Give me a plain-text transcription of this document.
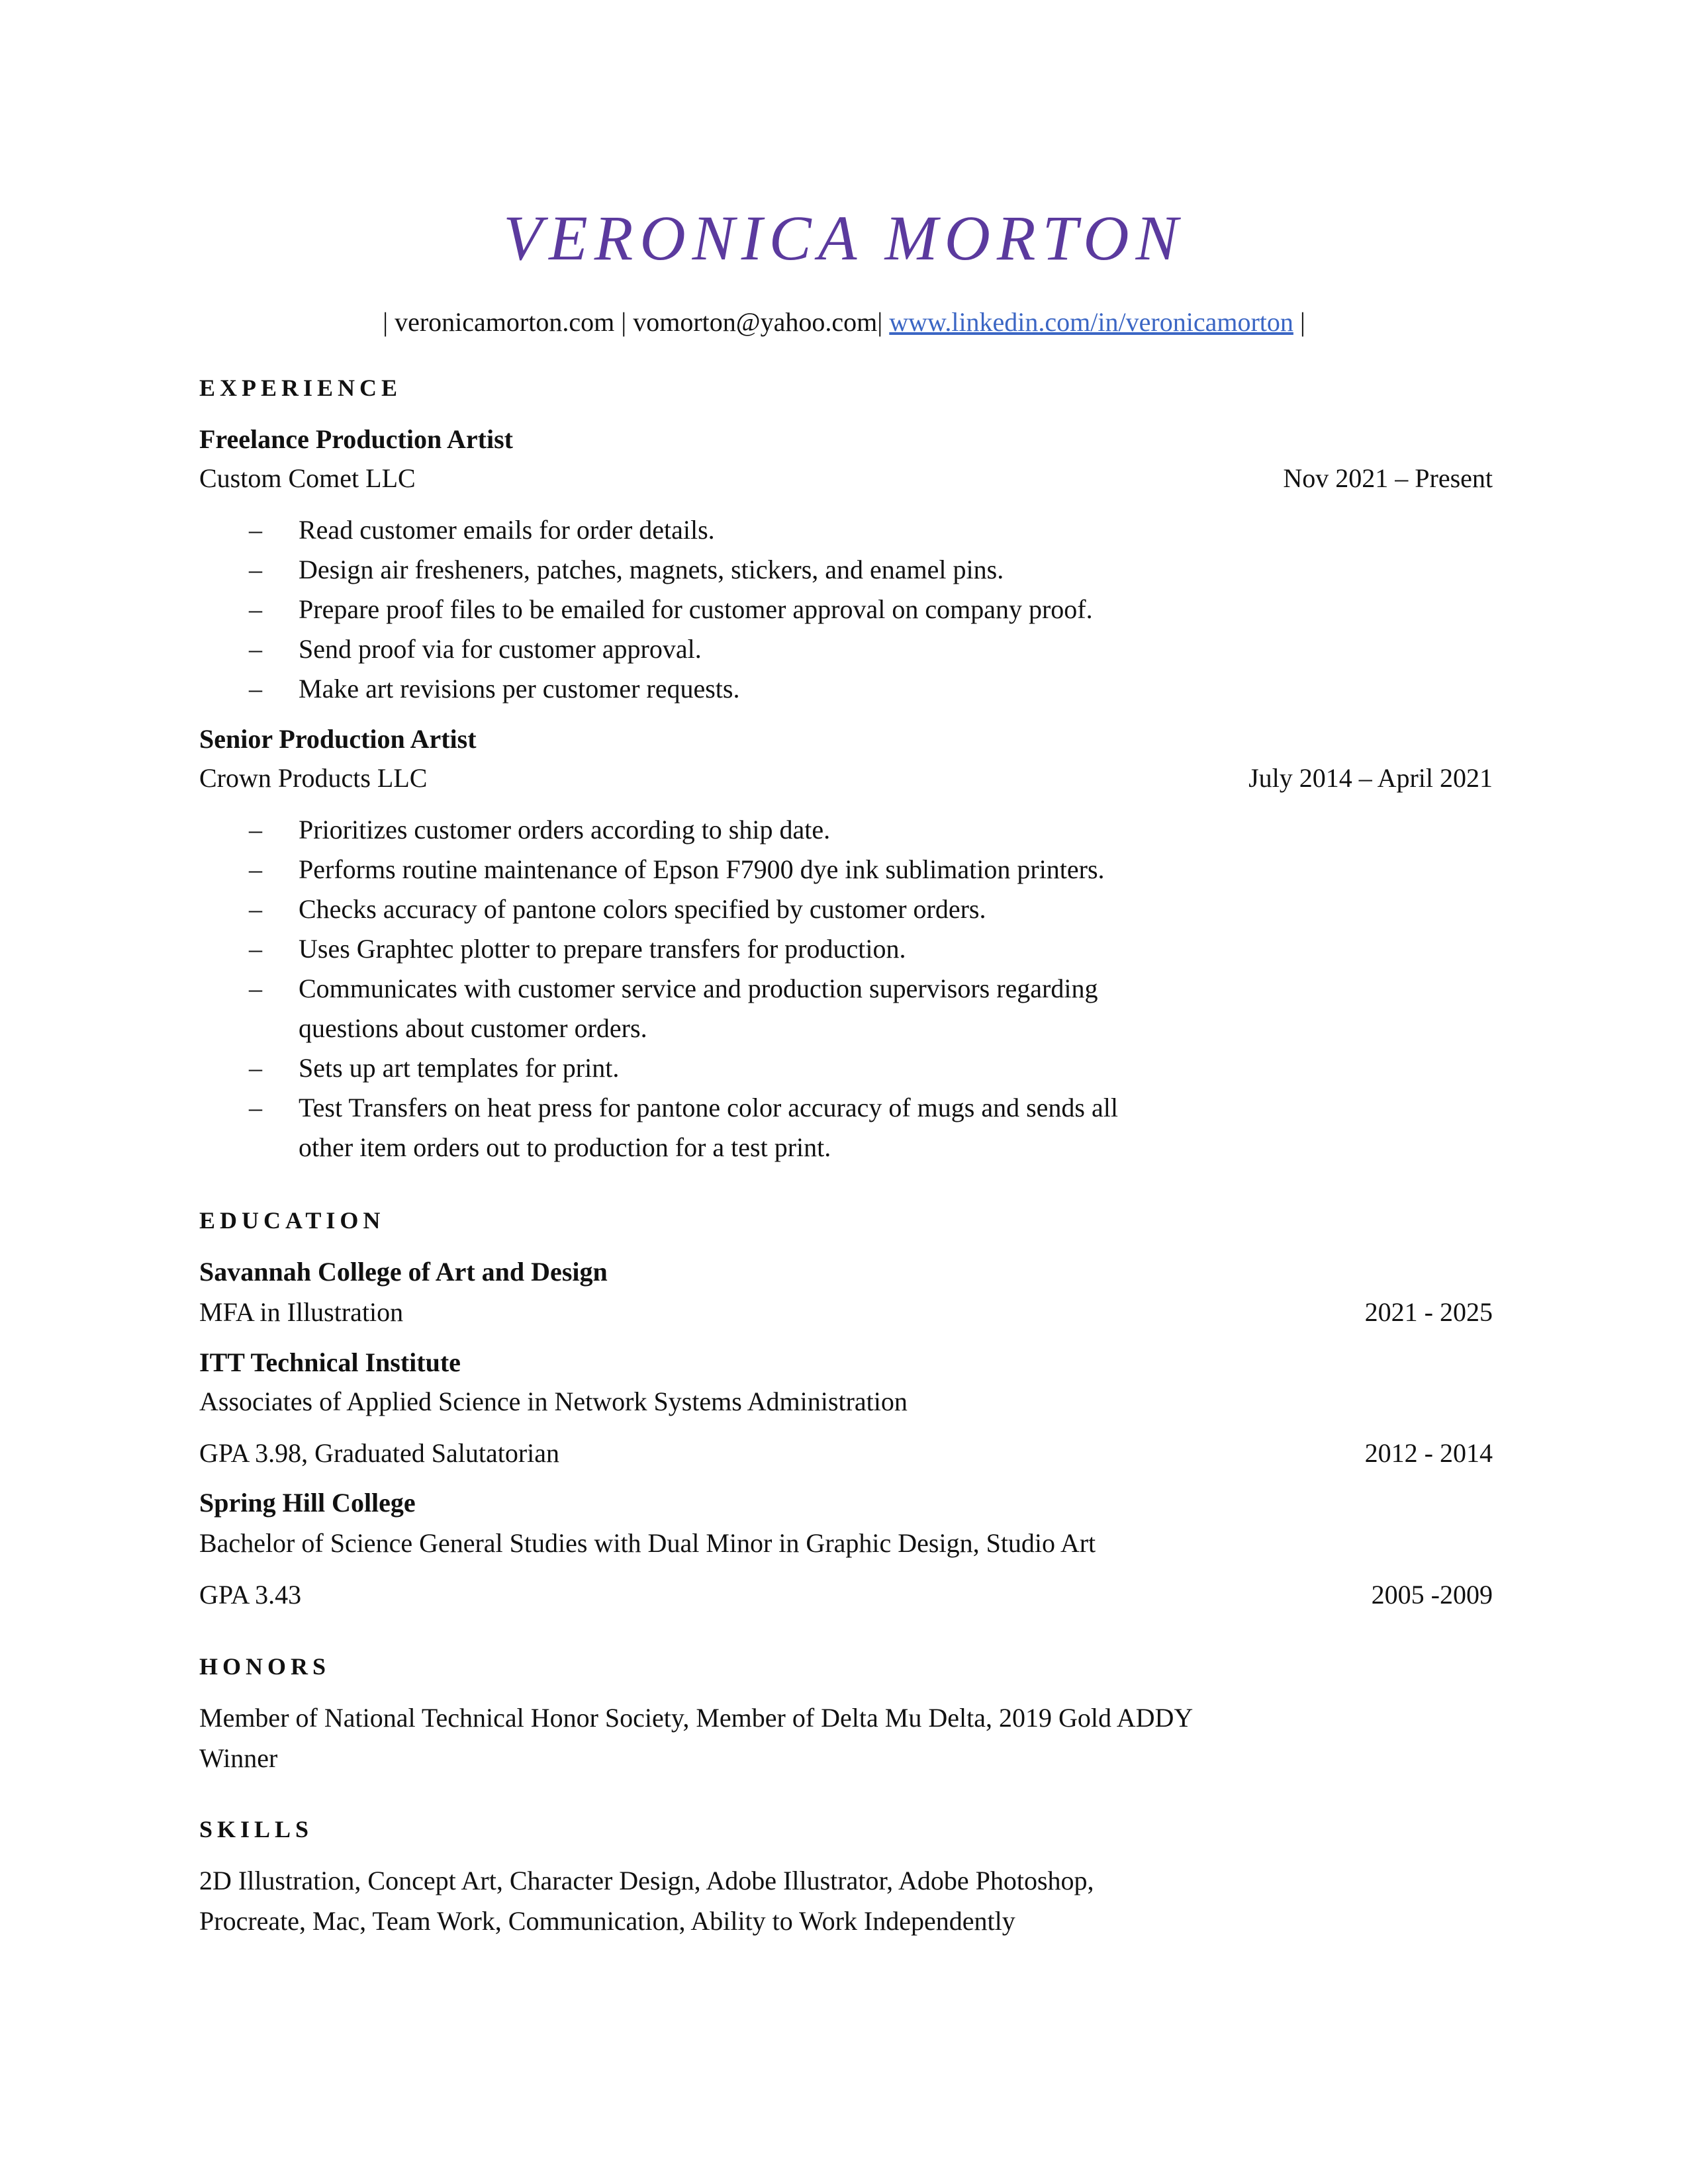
VERONICA MORTON
| veronicamorton.com | vomorton@yahoo.com| www.linkedin.com/in/veronicamorton |
EXPERIENCE
Freelance Production Artist
Custom Comet LLC	Nov 2021 – Present
– Read customer emails for order details.
– Design air fresheners, patches, magnets, stickers, and enamel pins.
– Prepare proof files to be emailed for customer approval on company proof.
– Send proof via for customer approval.
– Make art revisions per customer requests.
Senior Production Artist
Crown Products LLC	July 2014 – April 2021
– Prioritizes customer orders according to ship date.
– Performs routine maintenance of Epson F7900 dye ink sublimation printers.
– Checks accuracy of pantone colors specified by customer orders.
– Uses Graphtec plotter to prepare transfers for production.
– Communicates with customer service and production supervisors regarding
questions about customer orders.
– Sets up art templates for print.
– Test Transfers on heat press for pantone color accuracy of mugs and sends all
other item orders out to production for a test print.
EDUCATION
Savannah College of Art and Design
MFA in Illustration	2021 - 2025
ITT Technical Institute
Associates of Applied Science in Network Systems Administration
GPA 3.98, Graduated Salutatorian	2012 - 2014
Spring Hill College
Bachelor of Science General Studies with Dual Minor in Graphic Design, Studio Art
GPA 3.43	2005 -2009
HONORS
Member of National Technical Honor Society, Member of Delta Mu Delta, 2019 Gold ADDY
Winner
SKILLS
2D Illustration, Concept Art, Character Design, Adobe Illustrator, Adobe Photoshop,
Procreate, Mac, Team Work, Communication, Ability to Work Independently
